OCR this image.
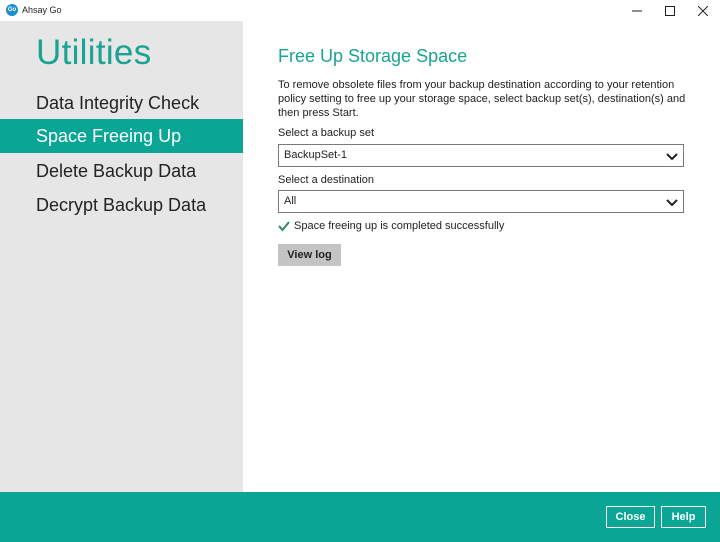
Go Ahsay Go
Utilities
Data Integrity Check
Space Freeing Up
Delete Backup Data
Decrypt Backup Data
Free Up Storage Space
To remove obsolete files from your backup destination according to your retention policy setting to free up your storage space, select backup set(s), destination(s) and then press Start.
Select a backup set
BackupSet-1
Select a destination
All
Space freeing up is completed successfully
View log
Close	Help
